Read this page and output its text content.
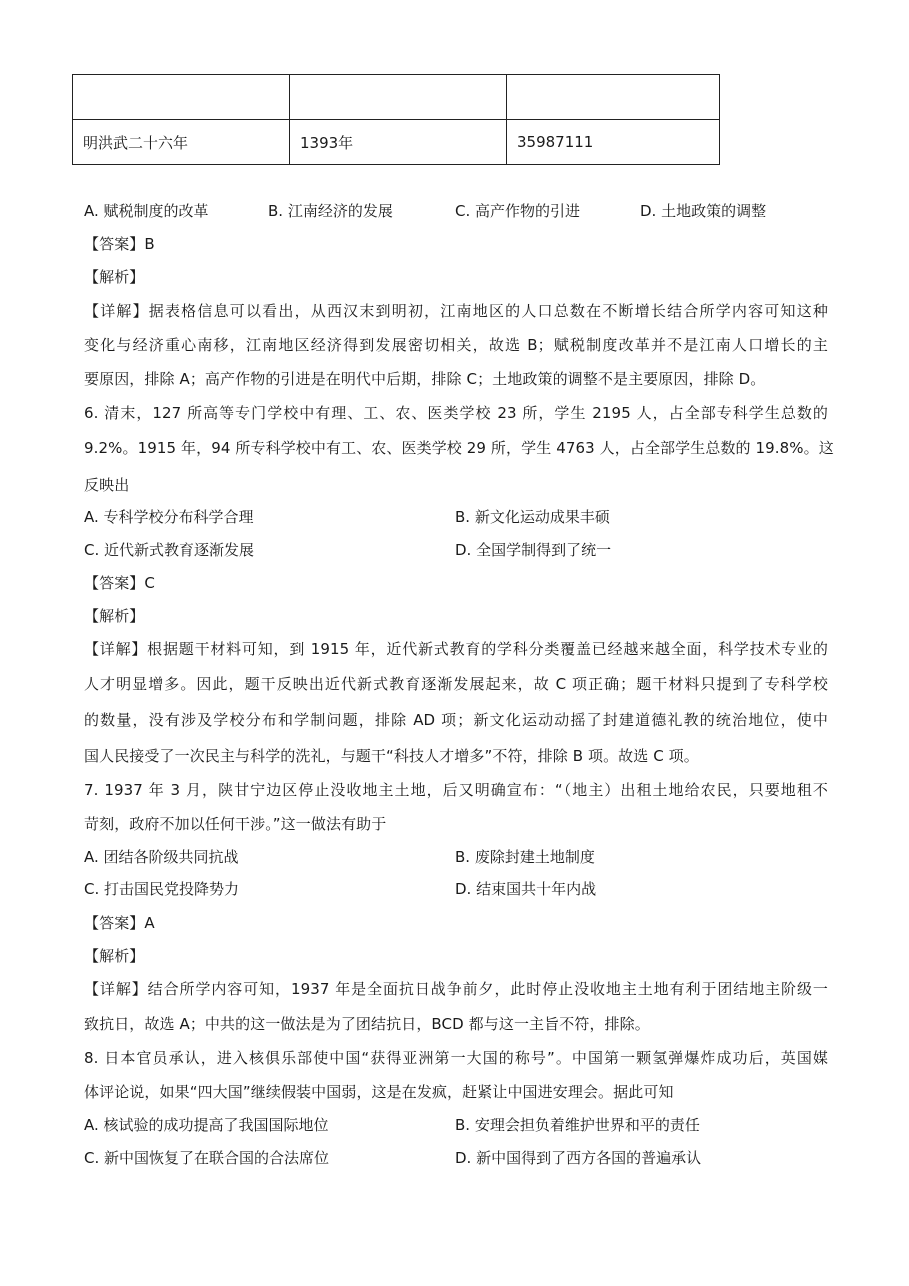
明洪武二十六年	1393年	35987111
A. 赋税制度的改革	B. 江南经济的发展	C. 高产作物的引进	D. 土地政策的调整
【答案】B
【解析】
【详解】据表格信息可以看出，从西汉末到明初，江南地区的人口总数在不断增长结合所学内容可知这种
变化与经济重心南移，江南地区经济得到发展密切相关，故选 B；赋税制度改革并不是江南人口增长的主
要原因，排除 A；高产作物的引进是在明代中后期，排除 C；土地政策的调整不是主要原因，排除 D。
6. 清末，127 所高等专门学校中有理、工、农、医类学校 23 所，学生 2195 人，占全部专科学生总数的
9.2%。1915 年，94 所专科学校中有工、农、医类学校 29 所，学生 4763 人，占全部学生总数的 19.8%。这
反映出
A. 专科学校分布科学合理	B. 新文化运动成果丰硕
C. 近代新式教育逐渐发展	D. 全国学制得到了统一
【答案】C
【解析】
【详解】根据题干材料可知，到 1915 年，近代新式教育的学科分类覆盖已经越来越全面，科学技术专业的
人才明显增多。因此，题干反映出近代新式教育逐渐发展起来，故 C 项正确；题干材料只提到了专科学校
的数量，没有涉及学校分布和学制问题，排除 AD 项；新文化运动动摇了封建道德礼教的统治地位，使中
国人民接受了一次民主与科学的洗礼，与题干“科技人才增多”不符，排除 B 项。故选 C 项。
7. 1937 年 3 月，陕甘宁边区停止没收地主土地，后又明确宣布：“（地主）出租土地给农民，只要地租不
苛刻，政府不加以任何干涉。”这一做法有助于
A. 团结各阶级共同抗战	B. 废除封建土地制度
C. 打击国民党投降势力	D. 结束国共十年内战
【答案】A
【解析】
【详解】结合所学内容可知，1937 年是全面抗日战争前夕，此时停止没收地主土地有利于团结地主阶级一
致抗日，故选 A；中共的这一做法是为了团结抗日，BCD 都与这一主旨不符，排除。
8. 日本官员承认，进入核俱乐部使中国“获得亚洲第一大国的称号”。中国第一颗氢弹爆炸成功后，英国媒
体评论说，如果“四大国”继续假装中国弱，这是在发疯，赶紧让中国进安理会。据此可知
A. 核试验的成功提高了我国国际地位	B. 安理会担负着维护世界和平的责任
C. 新中国恢复了在联合国的合法席位	D. 新中国得到了西方各国的普遍承认
